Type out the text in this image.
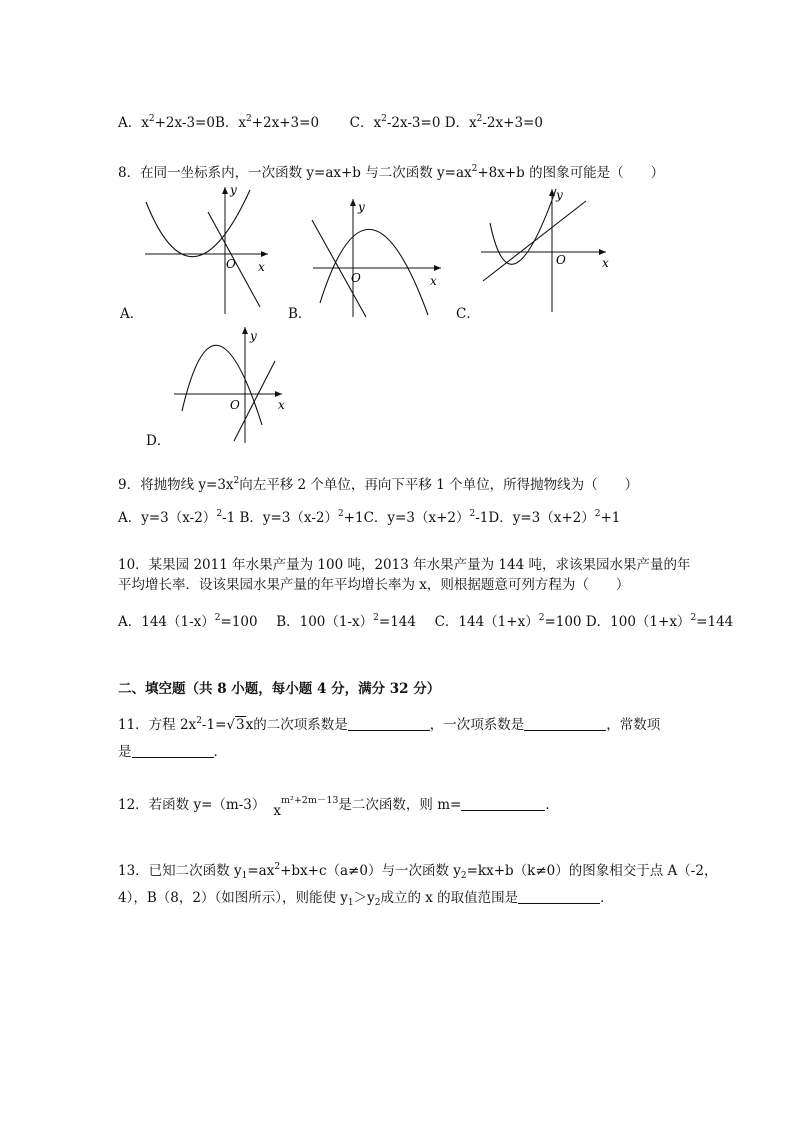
A．$x^2+2x-3=0B$．$x^2+2x+3=0$ C．$x^2-2x-3=0$ D．$x^2-2x+3=0$
8．在同一坐标系内，一次函数 y=ax+b 与二次函数 $y=ax^2+8x+b$ 的图象可能是（　　）
y
x
O
A．
y
x
O
B．
y
x
O
C．
y
x
O
D．
9．将抛物线 $y=3x^2$向左平移 2 个单位，再向下平移 1 个单位，所得抛物线为（　　）
A．$y=3(x-2)^2-1$ B．$y=3(x-2)^2+1C$．$y=3(x+2)^2-1D$．$y=3(x+2)^2+1$
10．某果园 2011 年水果产量为 100 吨，2013 年水果产量为 144 吨，求该果园水果产量的年
平均增长率．设该果园水果产量的年平均增长率为 x，则根据题意可列方程为（　　）
A．$144(1-x)^2=100$ B．$100(1-x)^2=144$ C．$144(1+x)^2=100$ D．$100(1+x)^2=144$
二、填空题（共 8 小题，每小题 4 分，满分 32 分）
11．方程 $2x^2-1=√3x$的二次项系数是	，一次项系数是	，常数项
是	．
12．若函数 y=（m-3） $x^{m^2+2m-13}$是二次函数，则 m=	．
13．已知二次函数 $y_1=ax^2+bx+c(a\ne 0)$与一次函数 $y_2=kx+b(k\ne 0)$的图象相交于点 A（-2，
4），B（8，2）（如图所示），则能使 $y_1>y_2$成立的 x 的取值范围是	．
